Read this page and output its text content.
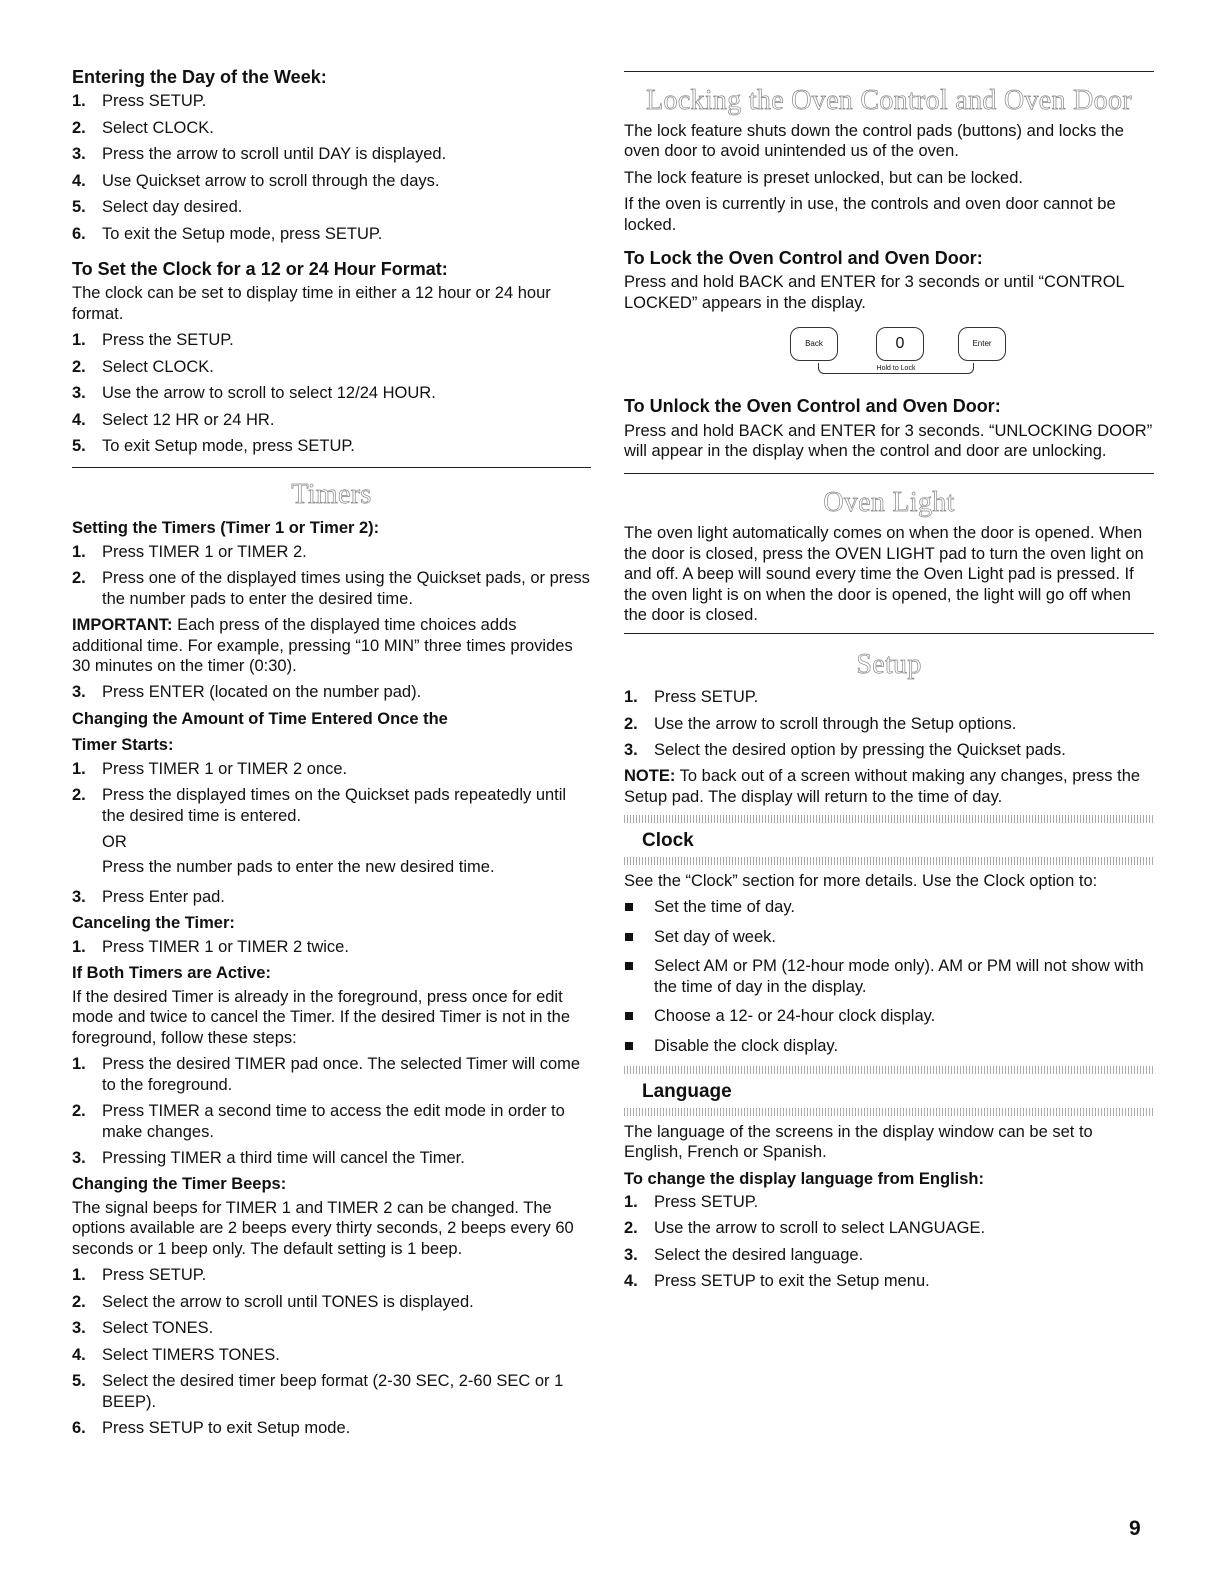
Entering the Day of the Week:
1. Press SETUP.
2. Select CLOCK.
3. Press the arrow to scroll until DAY is displayed.
4. Use Quickset arrow to scroll through the days.
5. Select day desired.
6. To exit the Setup mode, press SETUP.
To Set the Clock for a 12 or 24 Hour Format:

The clock can be set to display time in either a 12 hour or 24 hour format.

1. Press the SETUP.
2. Select CLOCK.
3. Use the arrow to scroll to select 12/24 HOUR.
4. Select 12 HR or 24 HR.
5. To exit Setup mode, press SETUP.
Timers
Setting the Timers (Timer 1 or Timer 2):
1. Press TIMER 1 or TIMER 2.
2. Press one of the displayed times using the Quickset pads, or press the number pads to enter the desired time.

IMPORTANT: Each press of the displayed time choices adds additional time. For example, pressing “10 MIN” three times provides 30 minutes on the timer (0:30).

3. Press ENTER (located on the number pad).
Changing the Amount of Time Entered Once the
Timer Starts:
1. Press TIMER 1 or TIMER 2 once.
2. Press the displayed times on the Quickset pads repeatedly until the desired time is entered.
OR
Press the number pads to enter the new desired time.
3. Press Enter pad.
Canceling the Timer:
1. Press TIMER 1 or TIMER 2 twice.
If Both Timers are Active:

If the desired Timer is already in the foreground, press once for edit mode and twice to cancel the Timer. If the desired Timer is not in the foreground, follow these steps:

1. Press the desired TIMER pad once. The selected Timer will come to the foreground.
2. Press TIMER a second time to access the edit mode in order to make changes.
3. Pressing TIMER a third time will cancel the Timer.
Changing the Timer Beeps:

The signal beeps for TIMER 1 and TIMER 2 can be changed. The options available are 2 beeps every thirty seconds, 2 beeps every 60 seconds or 1 beep only. The default setting is 1 beep.

1. Press SETUP.
2. Select the arrow to scroll until TONES is displayed.
3. Select TONES.
4. Select TIMERS TONES.
5. Select the desired timer beep format (2-30 SEC, 2-60 SEC or 1 BEEP).
6. Press SETUP to exit Setup mode.
Locking the Oven Control and Oven Door

The lock feature shuts down the control pads (buttons) and locks the oven door to avoid unintended us of the oven.

The lock feature is preset unlocked, but can be locked.

If the oven is currently in use, the controls and oven door cannot be locked.

To Lock the Oven Control and Oven Door:

Press and hold BACK and ENTER for 3 seconds or until “CONTROL LOCKED” appears in the display.

Back	0	Enter
Hold to Lock
To Unlock the Oven Control and Oven Door:

Press and hold BACK and ENTER for 3 seconds. “UNLOCKING DOOR” will appear in the display when the control and door are unlocking.

Oven Light

The oven light automatically comes on when the door is opened. When the door is closed, press the OVEN LIGHT pad to turn the oven light on and off. A beep will sound every time the Oven Light pad is pressed. If the oven light is on when the door is opened, the light will go off when the door is closed.

Setup
1. Press SETUP.
2. Use the arrow to scroll through the Setup options.
3. Select the desired option by pressing the Quickset pads.

NOTE: To back out of a screen without making any changes, press the Setup pad. The display will return to the time of day.

Clock

See the “Clock” section for more details. Use the Clock option to:

Set the time of day.
Set day of week.
Select AM or PM (12-hour mode only). AM or PM will not show with the time of day in the display.
Choose a 12- or 24-hour clock display.
Disable the clock display.
Language

The language of the screens in the display window can be set to English, French or Spanish.

To change the display language from English:
1. Press SETUP.
2. Use the arrow to scroll to select LANGUAGE.
3. Select the desired language.
4. Press SETUP to exit the Setup menu.
9
